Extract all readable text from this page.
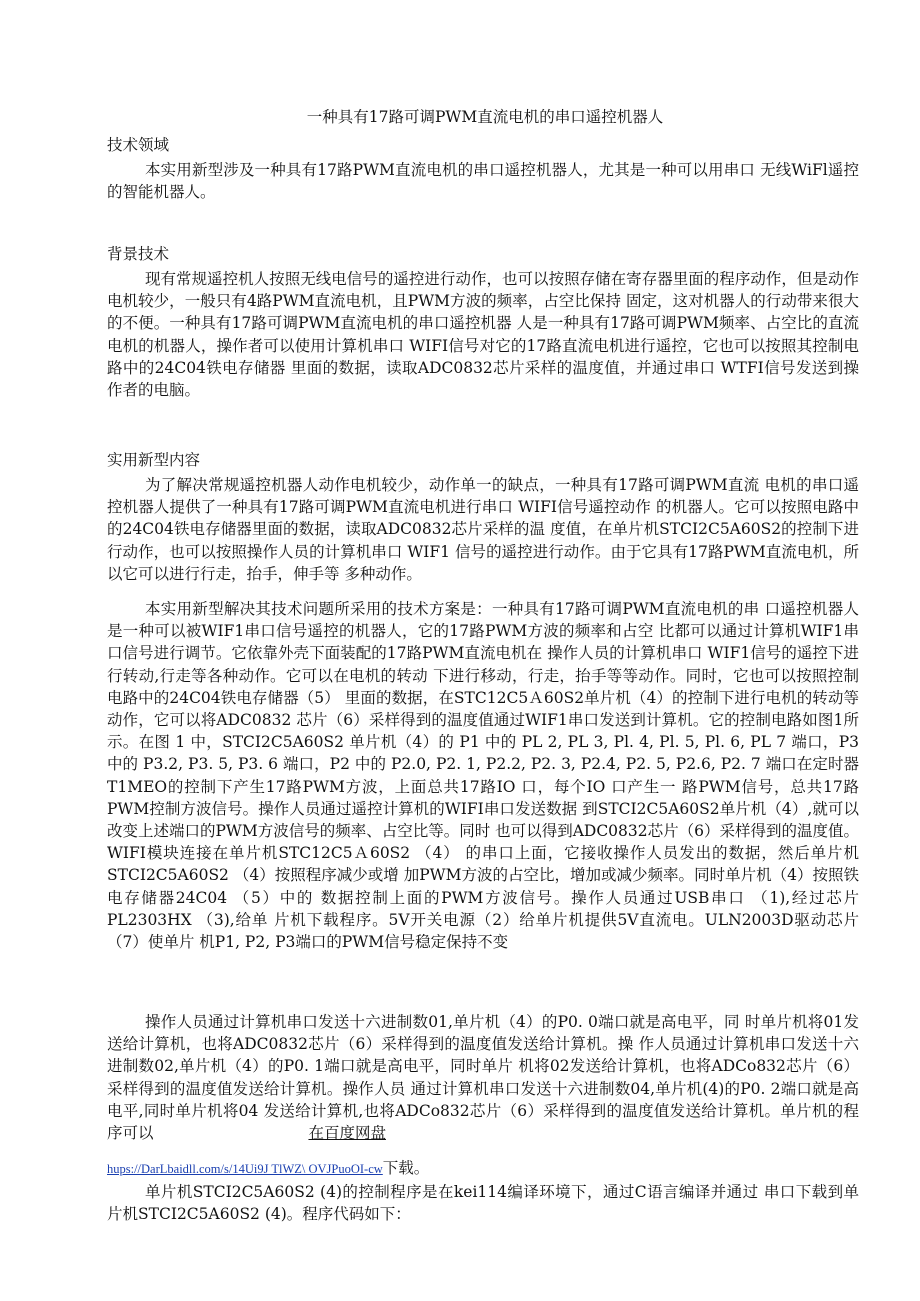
一种具有17路可调PWM直流电机的串口遥控机器人
技术领域
本实用新型涉及一种具有17路PWM直流电机的串口遥控机器人，尤其是一种可以用串口 无线WiFl遥控的智能机器人。
背景技术
现有常规遥控机人按照无线电信号的遥控进行动作，也可以按照存储在寄存器里面的程序动作，但是动作电机较少，一般只有4路PWM直流电机，且PWM方波的频率，占空比保持 固定，这对机器人的行动带来很大的不便。一种具有17路可调PWM直流电机的串口遥控机器 人是一种具有17路可调PWM频率、占空比的直流电机的机器人，操作者可以使用计算机串口 WIFI信号对它的17路直流电机进行遥控，它也可以按照其控制电路中的24C04铁电存储器 里面的数据，读取ADC0832芯片采样的温度值，并通过串口 WTFI信号发送到操作者的电脑。
实用新型内容
为了解决常规遥控机器人动作电机较少，动作单一的缺点，一种具有17路可调PWM直流 电机的串口遥控机器人提供了一种具有17路可调PWM直流电机进行串口 WIFI信号遥控动作 的机器人。它可以按照电路中的24C04铁电存储器里面的数据，读取ADC0832芯片采样的温 度值，在单片机STCI2C5A60S2的控制下进行动作，也可以按照操作人员的计算机串口 WIF1 信号的遥控进行动作。由于它具有17路PWM直流电机，所以它可以进行行走，抬手，伸手等 多种动作。
本实用新型解决其技术问题所采用的技术方案是：一种具有17路可调PWM直流电机的串 口遥控机器人是一种可以被WIF1串口信号遥控的机器人，它的17路PWM方波的频率和占空 比都可以通过计算机WIF1串口信号进行调节。它依靠外壳下面装配的17路PWM直流电机在 操作人员的计算机串口 WIF1信号的遥控下进行转动,行走等各种动作。它可以在电机的转动 下进行移动，行走，抬手等等动作。同时，它也可以按照控制电路中的24C04铁电存储器（5） 里面的数据，在STC12C5Ａ60S2单片机（4）的控制下进行电机的转动等动作，它可以将ADC0832 芯片（6）采样得到的温度值通过WIF1串口发送到计算机。它的控制电路如图1所示。在图 1 中，STCI2C5A60S2 单片机（4）的 P1 中的 PL 2, PL 3, Pl. 4, Pl. 5, Pl. 6, PL 7 端口，P3 中的 P3.2, P3. 5, P3. 6 端口，P2 中的 P2.0, P2. 1, P2.2, P2. 3, P2.4, P2. 5, P2.6, P2. 7 端口在定时器T1MEO的控制下产生17路PWM方波，上面总共17路IO 口，每个IO 口产生一 路PWM信号，总共17路PWM控制方波信号。操作人员通过遥控计算机的WIFI串口发送数据 到STCI2C5A60S2单片机（4）,就可以改变上述端口的PWM方波信号的频率、占空比等。同时 也可以得到ADC0832芯片（6）采样得到的温度值。WIFI模块连接在单片机STC12C5Ａ60S2 （4） 的串口上面，它接收操作人员发出的数据，然后单片机STCI2C5A60S2 （4）按照程序减少或增 加PWM方波的占空比，增加或减少频率。同时单片机（4）按照铁电存储器24C04 （5）中的 数据控制上面的PWM方波信号。操作人员通过USB串口 （1),经过芯片PL2303HX （3),给单 片机下载程序。5V开关电源（2）给单片机提供5V直流电。ULN2003D驱动芯片（7）使单片 机P1, P2, P3端口的PWM信号稳定保持不变
操作人员通过计算机串口发送十六进制数01,单片机（4）的P0. 0端口就是高电平，同 时单片机将01发送给计算机，也将ADC0832芯片（6）采样得到的温度值发送给计算机。操 作人员通过计算机串口发送十六进制数02,单片机（4）的P0. 1端口就是高电平，同时单片 机将02发送给计算机，也将ADCo832芯片（6）采样得到的温度值发送给计算机。操作人员 通过计算机串口发送十六进制数04,单片机(4)的P0. 2端口就是高电平,同时单片机将04 发送给计算机,也将ADCo832芯片（6）采样得到的温度值发送给计算机。单片机的程序可以	在百度网盘
hups://DarLbaidll.com/s/14Ui9J TlWZ\ OVJPuoOI-cw下载。
单片机STCI2C5A60S2 (4)的控制程序是在kei114编译环境下，通过C语言编译并通过 串口下载到单片机STCI2C5A60S2 (4)。程序代码如下：
